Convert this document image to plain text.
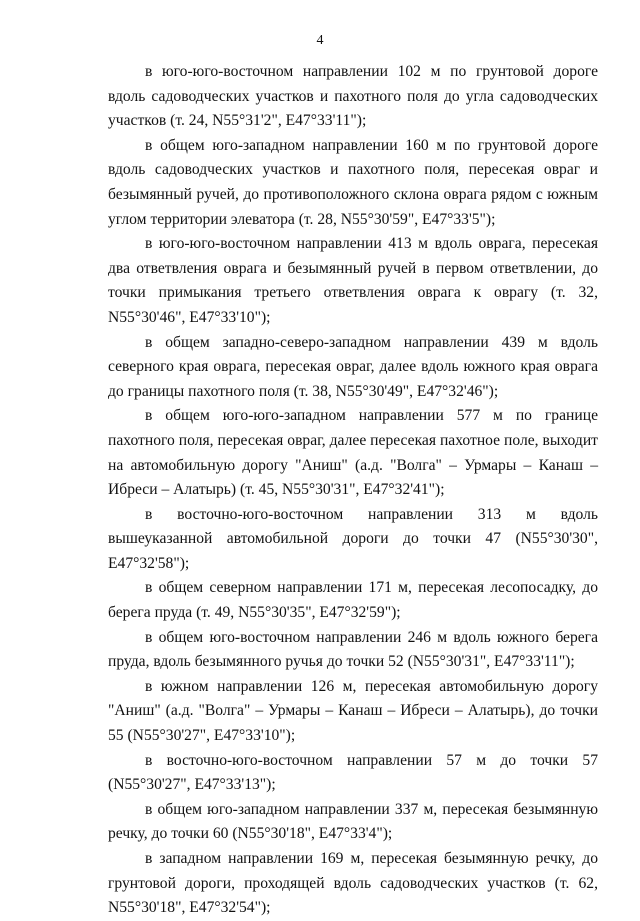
4

в юго-юго-восточном направлении 102 м по грунтовой дороге вдоль садоводческих участков и пахотного поля до угла садоводческих участков (т. 24, N55°31'2", E47°33'11");

в общем юго-западном направлении 160 м по грунтовой дороге вдоль садоводческих участков и пахотного поля, пересекая овраг и безымянный ручей, до противоположного склона оврага рядом с южным углом территории элеватора (т. 28, N55°30'59", E47°33'5");

в юго-юго-восточном направлении 413 м вдоль оврага, пересекая два ответвления оврага и безымянный ручей в первом ответвлении, до точки примыкания третьего ответвления оврага к оврагу (т. 32, N55°30'46", E47°33'10");

в общем западно-северо-западном направлении 439 м вдоль северного края оврага, пересекая овраг, далее вдоль южного края оврага до границы пахотного поля (т. 38, N55°30'49", E47°32'46");

в общем юго-юго-западном направлении 577 м по границе пахотного поля, пересекая овраг, далее пересекая пахотное поле, выходит на автомобильную дорогу "Аниш" (а.д. "Волга" – Урмары – Канаш – Ибреси – Алатырь) (т. 45, N55°30'31", E47°32'41");

в восточно-юго-восточном направлении 313 м вдоль вышеуказанной автомобильной дороги до точки 47 (N55°30'30", E47°32'58");

в общем северном направлении 171 м, пересекая лесопосадку, до берега пруда (т. 49, N55°30'35", E47°32'59");

в общем юго-восточном направлении 246 м вдоль южного берега пруда, вдоль безымянного ручья до точки 52 (N55°30'31", E47°33'11");

в южном направлении 126 м, пересекая автомобильную дорогу "Аниш" (а.д. "Волга" – Урмары – Канаш – Ибреси – Алатырь), до точки 55 (N55°30'27", E47°33'10");

в восточно-юго-восточном направлении 57 м до точки 57 (N55°30'27", E47°33'13");

в общем юго-западном направлении 337 м, пересекая безымянную речку, до точки 60 (N55°30'18", E47°33'4");

в западном направлении 169 м, пересекая безымянную речку, до грунтовой дороги, проходящей вдоль садоводческих участков (т. 62, N55°30'18", E47°32'54");
